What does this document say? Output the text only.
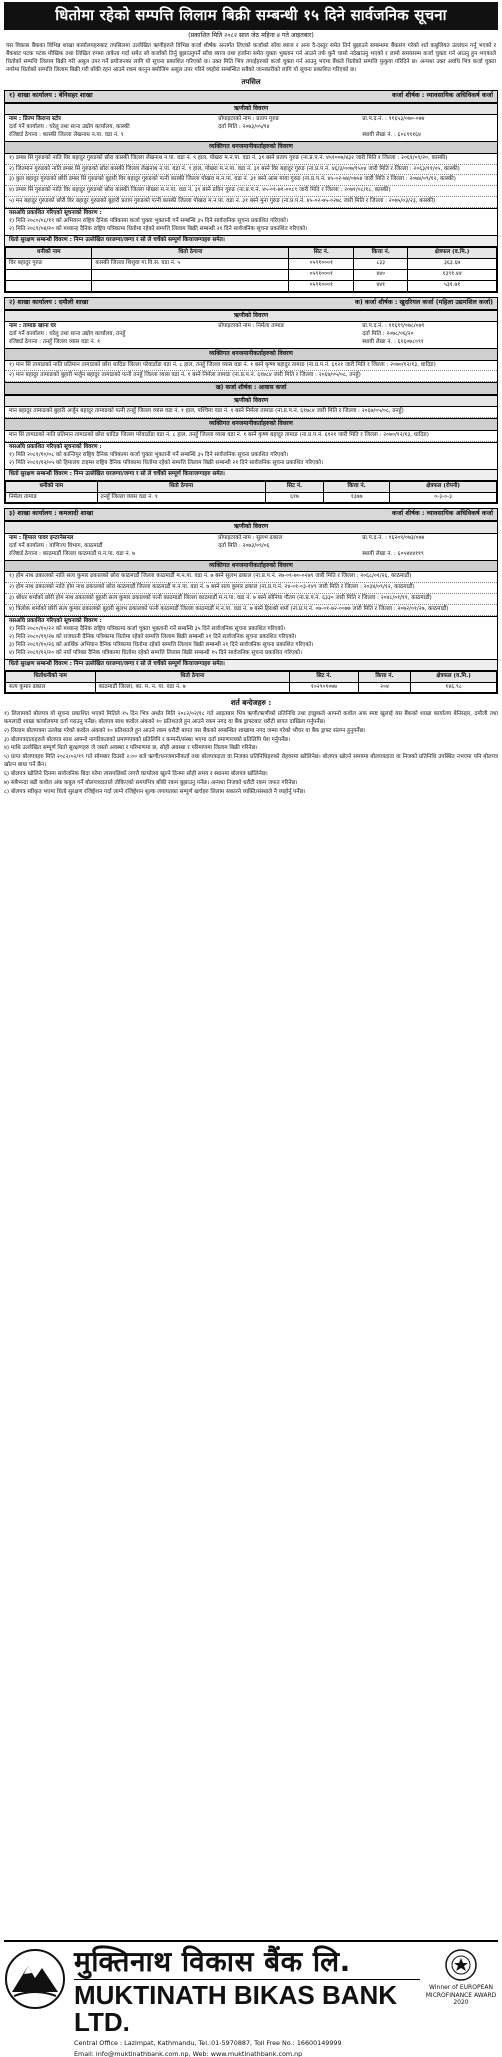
धितोमा रहेको सम्पत्ति लिलाम बिक्री सम्बन्धी १५ दिने सार्वजनिक सूचना
(प्रकाशित मिति २०८२ साल जेठ महिना ४ गते आइतबार)
यस विकास बैंकका विभिन्न शाखा कार्यालयहरुबाट तपसिलमा उल्लेखित ऋणीहरुले विभिन्न कर्जा शीर्षक अन्तर्गत लिएको कर्जाको साँवा ब्याज र अन्य दै-दस्तुर समेत तिर्न बुझाउने सम्बन्धमा बैंकसंग गरेको शर्त कबुलियत उल्लंघन गर्नु भएको र बैंकबाट पटक पटक मौखिक तथा लिखित रुपमा ताकेता गर्दा समेत सो कर्जाको तिर्नु बुझाउनुपर्ने साँवा ब्याज तथा हर्जाना समेत चुक्ता भुक्तान गर्न आउने तर्फ कुनै चासो नदेखाउनु भएको र लामो समयसम्म कर्जा चुक्ता गर्न आउनु हुन भएकाले धितोको सम्पत्ति लिलाम बिक्री गरी असुल उपर गर्ने प्रयोजनका लागि यो सूचना प्रकाशित गरिएको छ। उक्त मिति भित्र तपाईहरुको कर्जा चुक्ता गर्न आउनु भएमा बैंकले धितोको सम्पत्ति फुकुवा गरिदिने छ। अन्यथा उक्त अवधि भित्र कर्जा चुक्ता नगरेमा धितोको सम्पत्ति लिलाम बिक्री गरी बाँकी रहन आउने रकम कानुन बमोजिम असुल उपर गरिने व्यहोरा सम्बन्धित सबैको जानकारीको लागि यो सूचना प्रकाशित गरिएको छ।
तपसिल
१) शाखा कार्यालय : बेनिसहर शाखा	कर्जा शीर्षक : व्यावसायिक अधिविकर्ष कर्जा
ऋणीको विवरण
नाम : प्रिज्म किराना स्टोर	प्रोपाइटरको नाम : प्रताप गुरुङ	प्रा.प.द.नं. : ९१६५३/०७०-०७४
दर्ता गर्ने कार्यालय : घरेलु तथा साना उद्योग कार्यालय, कास्की	दर्ता मिति : २०७३/०५/१४
रजिष्टर्ड ठेगाना : कास्की जिल्ला लेखनाथ न.पा. वडा नं. ९	स्थायी लेखा नं. : ६०८९९१६४
व्यक्तिगत धनजमानीकर्ताहरुको विवरण
१) डम्बर सिं गुरुङको नाति विर बहादुर गुरुङको छोरा कास्की जिल्ला लेखनाथ न.पा. वडा नं. ९ हाल, पोखरा म.न.पा. वडा नं. ३१ बस्ने प्रताप गुरुङ (ना.प्र.प.नं. ४५१००७/४३२ जारी मिति र जिल्ला : २०६१/०९/२०, कास्की)
२) जितमान गुरुङको नाति डम्बर सिं गुरुङको छोरा कास्की जिल्ला लेखनाथ न.पा. वडा नं. ९ हाल, पोखरा म.न.पा. वडा नं. ३१ बस्ने विर बहादुर गुरुङ (ना.प्र.प.नं. ४६/३/००७/१५०४ जारी मिति र जिल्ला : २०६३/११/०५, कास्की)
३) कुल बहादुर गुरुङको छोरी डम्बर सिं गुरुङको बुहारी विर बहादुर गुरुङको पत्नी कास्की जिल्ला पोखरा म.न.पा. वडा नं. ३१ बस्ने आस माया गुरुङ (ना.प्र.प.नं. ४५-०२-७४/०७५४ जारी मिति र जिल्ला : २०७४/०९/१२, कास्की)
४) डम्बर सिं गुरुङको नाति विर बहादुर गुरुङको छोरा कास्की जिल्ला पोखरा म.न.पा. वडा नं. ३१ बस्ने प्रविन गुरुङ (ना.प्र.प.नं. ४५-०१-७१-००८९ जारी मिति र जिल्ला : २०७१/०८/१८, कास्की)
५) मन बहादुर गुरुङको छोरी विर बहादुर गुरुङको बुहारी प्रताप गुरुङको पत्नी कास्की जिल्ला पोखरा म.न.पा. वडा नं. ३१ बस्ने मुना गुरुङ (ना.प्र.प.नं. ४५-०२-७५-०२७८ जारी मिति र जिल्ला : २०७५/०३/२३, कास्की)
यसअघि प्रकाशित गरिएको सूचनाको विवरण :
१) मिति २०८०/०८/१९ को अभियान राष्ट्रिय दैनिक पत्रिकामा कर्जा चुक्ता भुक्तानी गर्ने सम्बन्धि ३५ दिने सार्वजनिक सूचना प्रकाशित गरिएको।
२) मिति २०८१/०४/२० को मध्यान्ह दैनिक राष्ट्रिय पत्रिकामा धितोमा रहेको सम्पत्ति लिलाम बिक्री सम्बन्धी २१ दिने सार्वजनिक सूचना प्रकाशित गरिएको।
धितो सुरक्षण सम्बन्धी विवरण : निम्न उल्लेखित घरजग्गा/जग्गा र सो ले चर्चेको सम्पूर्ण कित्ताजग्गाहरु समेत।
धनीको नाम	धितो ठेगाना	सिट नं.	कित्ता नं.	क्षेत्रफल (व.मि.)
विर बहादुर गुरुङ	कास्की जिल्ला शिशुवा गा.वि.स. वडा नं. ५	०५९१०००१	८३३	३६३.६७
		०५९१०००१	४४०	१३९१.४४
		०५९१०००१	४४१	५३१.७१
२) शाखा कार्यालय : दमौली शाखा	क) कर्जा शीर्षक : खुदरियल कर्जा (महिला उद्यमशिल कर्जा)
ऋणीको विवरण
नाम : तामाङ खाना घर	प्रोपाइटरको नाम : निर्मला तामाङ	प्रा.प.द.नं. : ११६९९/०७८/०७९
दर्ता गर्ने कार्यालय : घरेलु तथा साना उद्योग कार्यालय, तनहुँ	दर्ता मिति : २०७८/०६/२०
रजिष्टर्ड ठेगाना : तनहुँ जिल्ला व्यास वडा नं. १	स्थायी लेखा नं. : ६१६०७८०९१
व्यक्तिगत धनजमानीकर्ताहरुको विवरण
१) मान सिं तामाङको नाति प्रतिमान तामाङको छोरा धादिङ जिल्ला परेवाडाँडा वडा नं. ८ हाल, तनहुँ जिल्ला व्यास वडा नं. १ बस्ने कृष्ण बहादुर तामाङ (ना.प्र.प.नं. ६१२१ जारी मिति र जिल्ला : २०७०/१२/१३, धादिङ)
२) मान बहादुर तामाङको बुहारी भर्जुन बहादुर तामाङको पत्नी तनहुँ जिल्ला व्यास वडा नं. १ बस्ने निर्मला तामाङ (ना.प्र.प.नं. ६१७८४ जारी मिति र जिल्ला : २०६७/०५/०८, तनहुँ)
ख) कर्जा शीर्षक : आवास कर्जा
ऋणीको विवरण
मान बहादुर तामाङको बुहारी अर्जुन बहादुर तामाङको पत्नी तनहुँ जिल्ला व्यास वडा नं. १ हाल, पश्चिमा वडा नं. १ बस्ने निर्मला तामाङ (ना.प्र.प.नं. ६१७८४ जारी मिति र जिल्ला : २०६७/०५/०८, तनहुँ)
व्यक्तिगत धनजमानीकर्ताहरुको विवरण
मान सिं तामाङको नाति प्रतिमान तामाङको छोरा धादिङ जिल्ला परेवाडाँडा वडा नं. ८ हाल, तनहुँ जिल्ला व्यास वडा नं. १ बस्ने कृष्ण बहादुर तामाङ (ना.प्र.प.नं. ६१२१ जारी मिति र जिल्ला : २०७०/१२/१३, धादिङ)
यसअघि प्रकाशित गरिएको सूचनाको विवरण :
१) मिति २०८१/१०/०८ को कान्तिपुर राष्ट्रिय दैनिक पत्रिकामा कर्जा चुक्ता भुक्तानी गर्ने सम्बन्धि ३५ दिने सार्वजनिक सूचना प्रकाशित गरिएको।
२) मिति २०८१/१२/०५ को हिमालय टाइम्स राष्ट्रिय दैनिक पत्रिकामा धितोमा रहेको सम्पत्ति लिलाम बिक्री सम्बन्धी २१ दिने सार्वजनिक सूचना प्रकाशित गरिएको।
धितो सुरक्षण सम्बन्धी विवरण : निम्न उल्लेखित घरजग्गा/जग्गा र सो ले चर्चेको सम्पूर्ण कित्ताजग्गाहरु समेत।
धनीको नाम	धितो ठेगाना	सिट नं.	कित्ता नं.	क्षेत्रफल (रोपनी)
निर्मला तामाङ	तनहुँ जिल्ला व्यास वडा नं. १	६१७	१३७७	०-३-०-३
३) शाखा कार्यालय : कमलादी शाखा	कर्जा शीर्षक : व्यावसायिक अधिविकर्ष कर्जा
ऋणीको विवरण
नाम : हिमाल पावर इन्टरनेसनल	प्रोपाइटरको नाम : सुलभ ढकाल	प्रा.प.द.नं. : १६२०९/०७३/०७४
दर्ता गर्ने कार्यालय : वाणिज्य विभाग, काठमाडौं	दर्ता मिति : २०७३/०९/०६
रजिष्टर्ड ठेगाना : काठमाडौं जिल्ला काठमाडौं म.न.पा. वडा नं. ७	स्थायी लेखा नं. : ६०५४४४११९
व्यक्तिगत धनजमानीकर्ताहरुको विवरण
१) होम नाथ ढकालको नाति सत्य कुमार ढकालको छोरा काठमाडौं जिल्ला काठमाडौं म.न.पा. वडा नं. ७ बस्ने सुलभ ढकाल (ना.प्र.प.नं. २७-०१-७०-०२७९ जारी मिति र जिल्ला : २०६८/०१/२६, काठमाडौं)
२) होम नाथ ढकालको नाति होम नाथ ढकालको छोरा काठमाडौं जिल्ला काठमाडौं म.न.पा. वडा नं. ७ बस्ने सत्य कुमार ढकाल (ना.प्र.प.नं. २४-०१-०३-१४९ जारी मिति र जिल्ला : २०३४/०९/१२, काठमाडौं)
३) श्रीधर शर्माको छोरी होम नाथ ढकालको बुहारी सत्य कुमार ढकालको पत्नी काठमाडौं जिल्ला काठमाडौं म.न.पा. वडा नं. ७ बस्ने सोनिया गौतम (ना.प्र.प.नं. ६३३० जारी मिति र जिल्ला : २०४८/०१/११, काठमाडौं)
४) त्रिलोक शर्माको छोरी सत्य कुमार ढकालको बुहारी सुलभ ढकालको पत्नी काठमाडौं जिल्ला काठमाडौं म.न.पा. वडा नं. ७ बस्ने हिराश्री शर्मा (ना.प्र.प.नं. ०७-०१-७२-००७७ जारी मिति र जिल्ला : २०७२/०१/२७, काठमाडौं)
यसअघि प्रकाशित गरिएको सूचनाको विवरण :
१) मिति २०८०/१०/२२ को मध्यान्ह दैनिक राष्ट्रिय पत्रिकामा कर्जा चुक्ता भुक्तानी गर्ने सम्बन्धि ३५ दिने सार्वजनिक सूचना प्रकाशित गरिएको।
२) मिति २०८०/११/२७ को राजधानी दैनिक पत्रिकामा धितोमा रहेको सम्पत्ति लिलाम बिक्री सम्बन्धी २१ दिने सार्वजनिक सूचना प्रकाशित गरिएको।
३) मिति २०८१/१०/२६ को आर्थिक अभियान दैनिक पत्रिकामा धितोमा रहेको सम्पत्ति लिलाम बिक्री सम्बन्धी २१ दिने सार्वजनिक सूचना प्रकाशित गरिएको।
४) मिति २०८१/१२/२० को नयाँ पत्रिका दैनिक पत्रिकामा धितोमा रहेको सम्पत्ति लिलाम बिक्री सम्बन्धी १५ दिने सार्वजनिक सूचना प्रकाशित गरिएको।
धितो सुरक्षण सम्बन्धी विवरण : निम्न उल्लेखित घरजग्गा/जग्गा र सो ले चर्चेको सम्पूर्ण कित्ताजग्गाहरु समेत।
धितोधनीको नाम	धितो ठेगाना	सिट नं.	कित्ता नं.	क्षेत्रफल (व.मि.)
सत्य कुमार ढकाल	काठमाडौं जिल्ला, का. म. न. पा. वडा नं. ७	१०२९०१०७७	२०४	१४६.९८
शर्त बन्देजहरु :
१) लिलामको बोलपत्र यो सूचना प्रकाशित भएको मितिले १५ दिन भित्र अर्थात मिति २०८२/०२/१८ गते आइतबार भित्र ऋणी/ऋणीको प्रतिनिधि तथा इच्छुकले आफ्नो कवोल अंक स्पष्ट खुलाई यस बैंकको शाखा कार्यालय बेनिसहर, दमौली तथा कमलादी शाखा कार्यालयमा दर्ता गराउनु पर्नेछ। बोलपत्र साथ कवोल अंकको १० प्रतिशतले हुन आउने रकम नगद वा बैंक ड्राफ्टबाट धरौटी बापत दाखिला गर्नुपर्नेछ।
२) लिलाम बोलपत्रमा उल्लेख गरेको कवोल अंकको १० प्रतिशतले हुन आउने रकम धरौटी बापत यस बैंकको सम्बन्धित शाखामा नगद जम्मा गरेको भौचर वा बैंक ड्राफ्ट संलग्न हुनुपर्नेछ।
३) बोलपत्रदाताहरुले बोलपत्र साथ आफ्नो नागरिकताको प्रमाणपत्रको प्रतिलिपि र कम्पनी/संस्था भएमा दर्ता प्रमाणपत्रको प्रतिलिपि पेश गर्नुपर्नेछ।
४) माथि उल्लेखित सम्पूर्ण धितो सुरक्षणहरु जे जस्तो अवस्था र परिमाणमा छ, सोही अवस्था र परिमाणमा लिलाम बिक्री गरिनेछ।
५) प्राप्त बोलपत्रहरु मिति २०८२/०२/१९ गते सोमबार दिउसो २:०० बजे ऋणी/धनजमानीकर्ता तथा बोलपत्रदाता वा निजका प्रतिनिधिहरुको रोहवरमा खोलिनेछ। बोलपत्र खोल्ने समयमा बोलपत्रदाता वा निजको प्रतिनिधि उपस्थित नभएमा पनि बोलपत्र खोल्न बाधा पर्ने छैन।
६) बोलपत्र खोलिने दिनमा सार्वजनिक बिदा परेमा त्यसपछिको लगत्तै कार्यालय खुल्ने दिनमा सोही समय र स्थानमा बोलपत्र खोलिनेछ।
७) सबैभन्दा बढी कवोल अंक कबुल गर्ने बोलपत्रदाताले तोकिएको समयभित्र बाँकी रकम बुझाउनु पर्नेछ। अन्यथा निजको धरौटी रकम जफत गरिनेछ।
८) बोलपत्र स्वीकृत भएमा धितो सुरक्षण रजिष्ट्रेशन गर्दा लाग्ने रजिष्ट्रेशन शुल्क लगायतका सम्पूर्ण खर्चहरु लिलाम सकारने व्यक्ति/संस्थाले नै व्यहोर्नु पर्नेछ।
मुक्तिनाथ विकास बैंक लि.
MUKTINATH BIKAS BANK LTD.
Central Office : Lazimpat, Kathmandu, Tel.:01-5970887, Toll Free No.: 16600149999
Email: info@muktinathbank.com.np, Web: www.muktinathbank.com.np
Winner of EUROPEAN MICROFINANCE AWARD 2020
